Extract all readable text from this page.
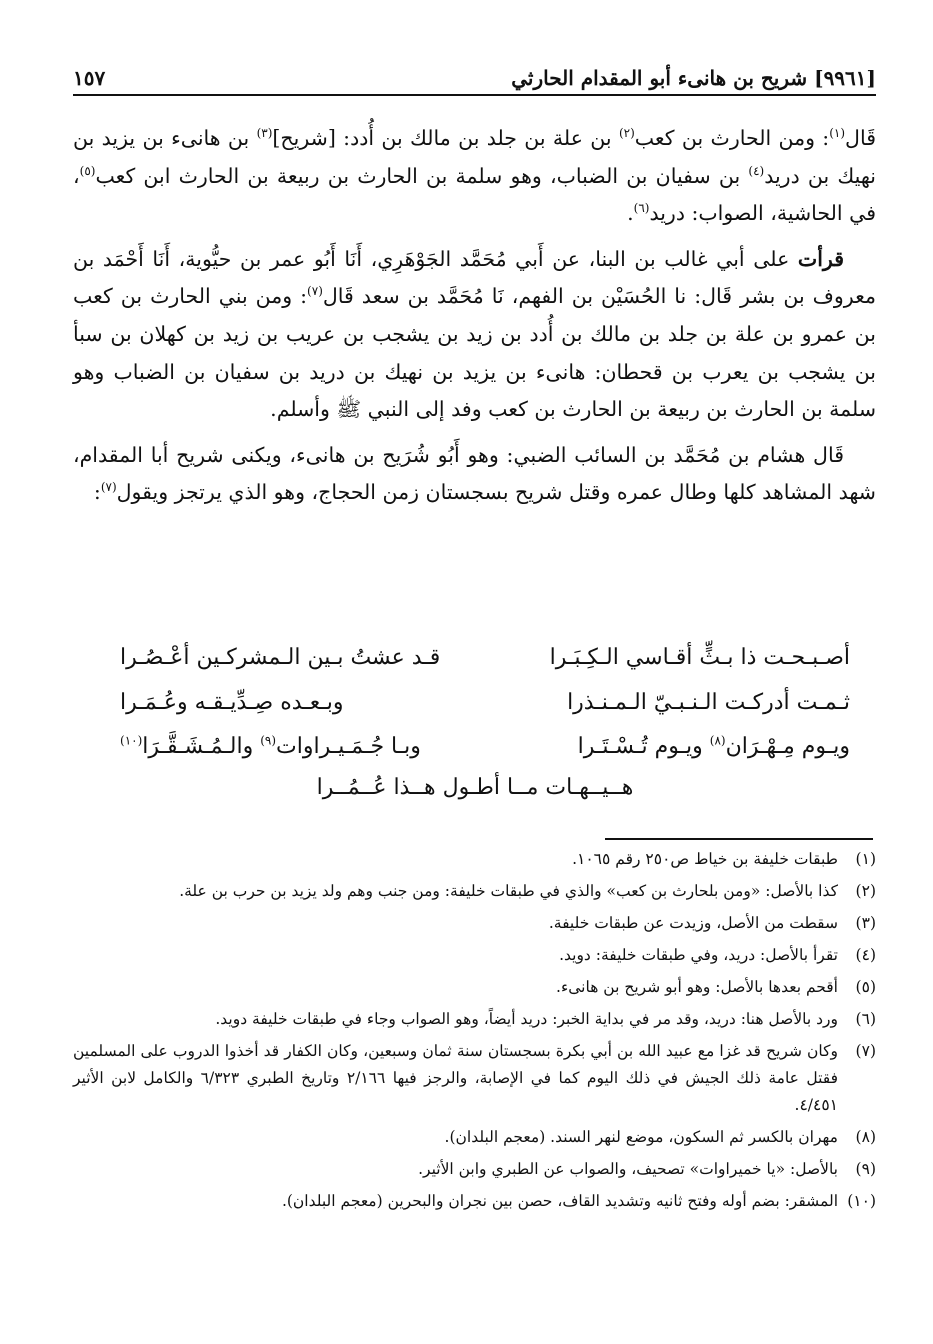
[٩٩٦١] شريح بن هانىء أبو المقدام الحارثي
١٥٧

قَال$^{(١)}$: ومن الحارث بن كعب$^{(٢)}$ بن علة بن جلد بن مالك بن أُدد: [شريح]$^{(٣)}$ بن هانىء بن يزيد بن نهيك بن دريد$^{(٤)}$ بن سفيان بن الضباب، وهو سلمة بن الحارث بن ربيعة بن الحارث ابن كعب$^{(٥)}$، في الحاشية، الصواب: دريد$^{(٦)}$.

قرأت على أبي غالب بن البنا، عن أَبي مُحَمَّد الجَوْهَرِي، أَنَا أَبُو عمر بن حيُّوية، أَنَا أَحْمَد بن معروف بن بشر قَال: نا الحُسَيْن بن الفهم، نَا مُحَمَّد بن سعد قَال$^{(٧)}$: ومن بني الحارث بن كعب بن عمرو بن علة بن جلد بن مالك بن أُدد بن زيد بن يشجب بن عريب بن زيد بن كهلان بن سبأ بن يشجب بن يعرب بن قحطان: هانىء بن يزيد بن نهيك بن دريد بن سفيان بن الضباب وهو سلمة بن الحارث بن ربيعة بن الحارث بن كعب وفد إلى النبي ﷺ وأسلم.

قَال هشام بن مُحَمَّد بن السائب الضبي: وهو أَبُو شُرَيح بن هانىء، ويكنى شريح أبا المقدام، شهد المشاهد كلها وطال عمره وقتل شريح بسجستان زمن الحجاج، وهو الذي يرتجز ويقول$^{(٧)}$:

أصـبـحـت ذا بـثٍّ أقـاسي الـكِـبَـرا
قـد عشتُ بـين الـمشركـين أعْـصُـرا
ثـمـت أدركـت الـنـبـيّ الـمـنـذرا
وبـعـده صِـدِّيـقـه وعُـمَـرا
ويـوم مِـهْـرَان$^{(٨)}$ ويـوم تُـسْـتَـرا
وبـا جُـمَـيـراوات$^{(٩)}$ والـمُـشَـقَّـرَا$^{(١٠)}$
هــيــهـات مــا أطـول هــذا عُــمُــرا
(١)
طبقات خليفة بن خياط ص٢٥٠ رقم ١٠٦٥.
(٢)
كذا بالأصل: «ومن بلحارث بن كعب» والذي في طبقات خليفة: ومن جنب وهم ولد يزيد بن حرب بن علة.
(٣)
سقطت من الأصل، وزيدت عن طبقات خليفة.
(٤)
تقرأ بالأصل: دريد، وفي طبقات خليفة: دويد.
(٥)
أقحم بعدها بالأصل: وهو أبو شريح بن هانىء.
(٦)
ورد بالأصل هنا: دريد، وقد مر في بداية الخبر: دريد أيضاً، وهو الصواب وجاء في طبقات خليفة دويد.
(٧)
وكان شريح قد غزا مع عبيد الله بن أبي بكرة بسجستان سنة ثمان وسبعين، وكان الكفار قد أخذوا الدروب على المسلمين فقتل عامة ذلك الجيش في ذلك اليوم كما في الإصابة، والرجز فيها ٢/١٦٦ وتاريخ الطبري ٦/٣٢٣ والكامل لابن الأثير ٤/٤٥١.
(٨)
مهران بالكسر ثم السكون، موضع لنهر السند. (معجم البلدان).
(٩)
بالأصل: «يا خميراوات» تصحيف، والصواب عن الطبري وابن الأثير.
(١٠)
المشقر: بضم أوله وفتح ثانيه وتشديد القاف، حصن بين نجران والبحرين (معجم البلدان).
